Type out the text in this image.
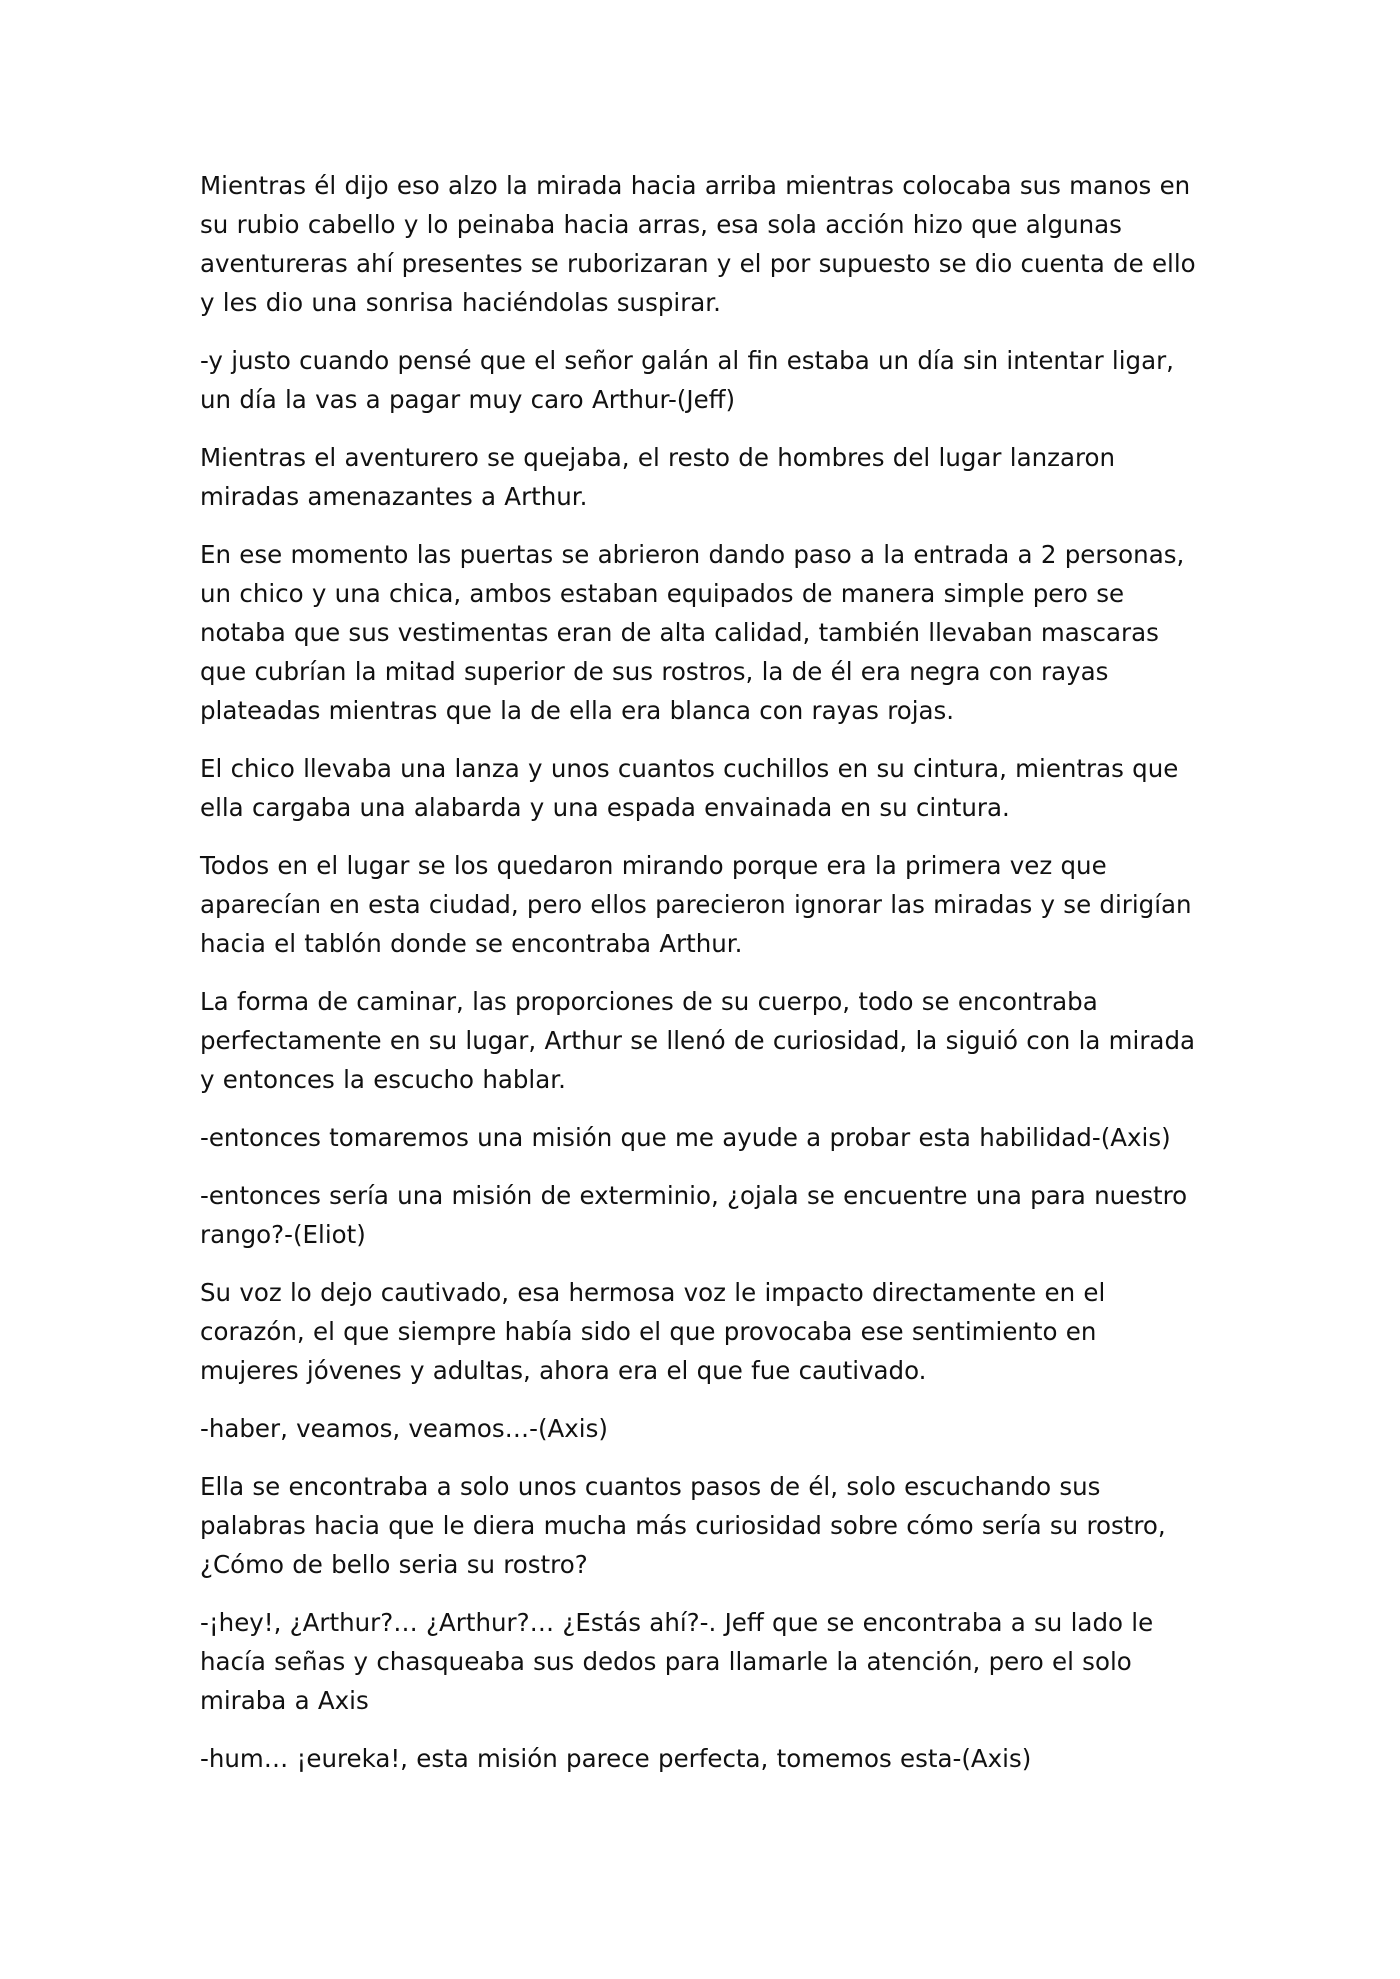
Mientras él dijo eso alzo la mirada hacia arriba mientras colocaba sus manos en su rubio cabello y lo peinaba hacia arras, esa sola acción hizo que algunas aventureras ahí presentes se ruborizaran y el por supuesto se dio cuenta de ello y les dio una sonrisa haciéndolas suspirar.

-y justo cuando pensé que el señor galán al fin estaba un día sin intentar ligar, un día la vas a pagar muy caro Arthur-(Jeff)

Mientras el aventurero se quejaba, el resto de hombres del lugar lanzaron miradas amenazantes a Arthur.

En ese momento las puertas se abrieron dando paso a la entrada a 2 personas, un chico y una chica, ambos estaban equipados de manera simple pero se notaba que sus vestimentas eran de alta calidad, también llevaban mascaras que cubrían la mitad superior de sus rostros, la de él era negra con rayas plateadas mientras que la de ella era blanca con rayas rojas.

El chico llevaba una lanza y unos cuantos cuchillos en su cintura, mientras que ella cargaba una alabarda y una espada envainada en su cintura.

Todos en el lugar se los quedaron mirando porque era la primera vez que aparecían en esta ciudad, pero ellos parecieron ignorar las miradas y se dirigían hacia el tablón donde se encontraba Arthur.

La forma de caminar, las proporciones de su cuerpo, todo se encontraba perfectamente en su lugar, Arthur se llenó de curiosidad, la siguió con la mirada y entonces la escucho hablar.

-entonces tomaremos una misión que me ayude a probar esta habilidad-(Axis)

-entonces sería una misión de exterminio, ¿ojala se encuentre una para nuestro rango?-(Eliot)

Su voz lo dejo cautivado, esa hermosa voz le impacto directamente en el corazón, el que siempre había sido el que provocaba ese sentimiento en mujeres jóvenes y adultas, ahora era el que fue cautivado.

-haber, veamos, veamos…-(Axis)

Ella se encontraba a solo unos cuantos pasos de él, solo escuchando sus palabras hacia que le diera mucha más curiosidad sobre cómo sería su rostro, ¿Cómo de bello seria su rostro?

-¡hey!, ¿Arthur?… ¿Arthur?… ¿Estás ahí?-. Jeff que se encontraba a su lado le hacía señas y chasqueaba sus dedos para llamarle la atención, pero el solo miraba a Axis

-hum… ¡eureka!, esta misión parece perfecta, tomemos esta-(Axis)
